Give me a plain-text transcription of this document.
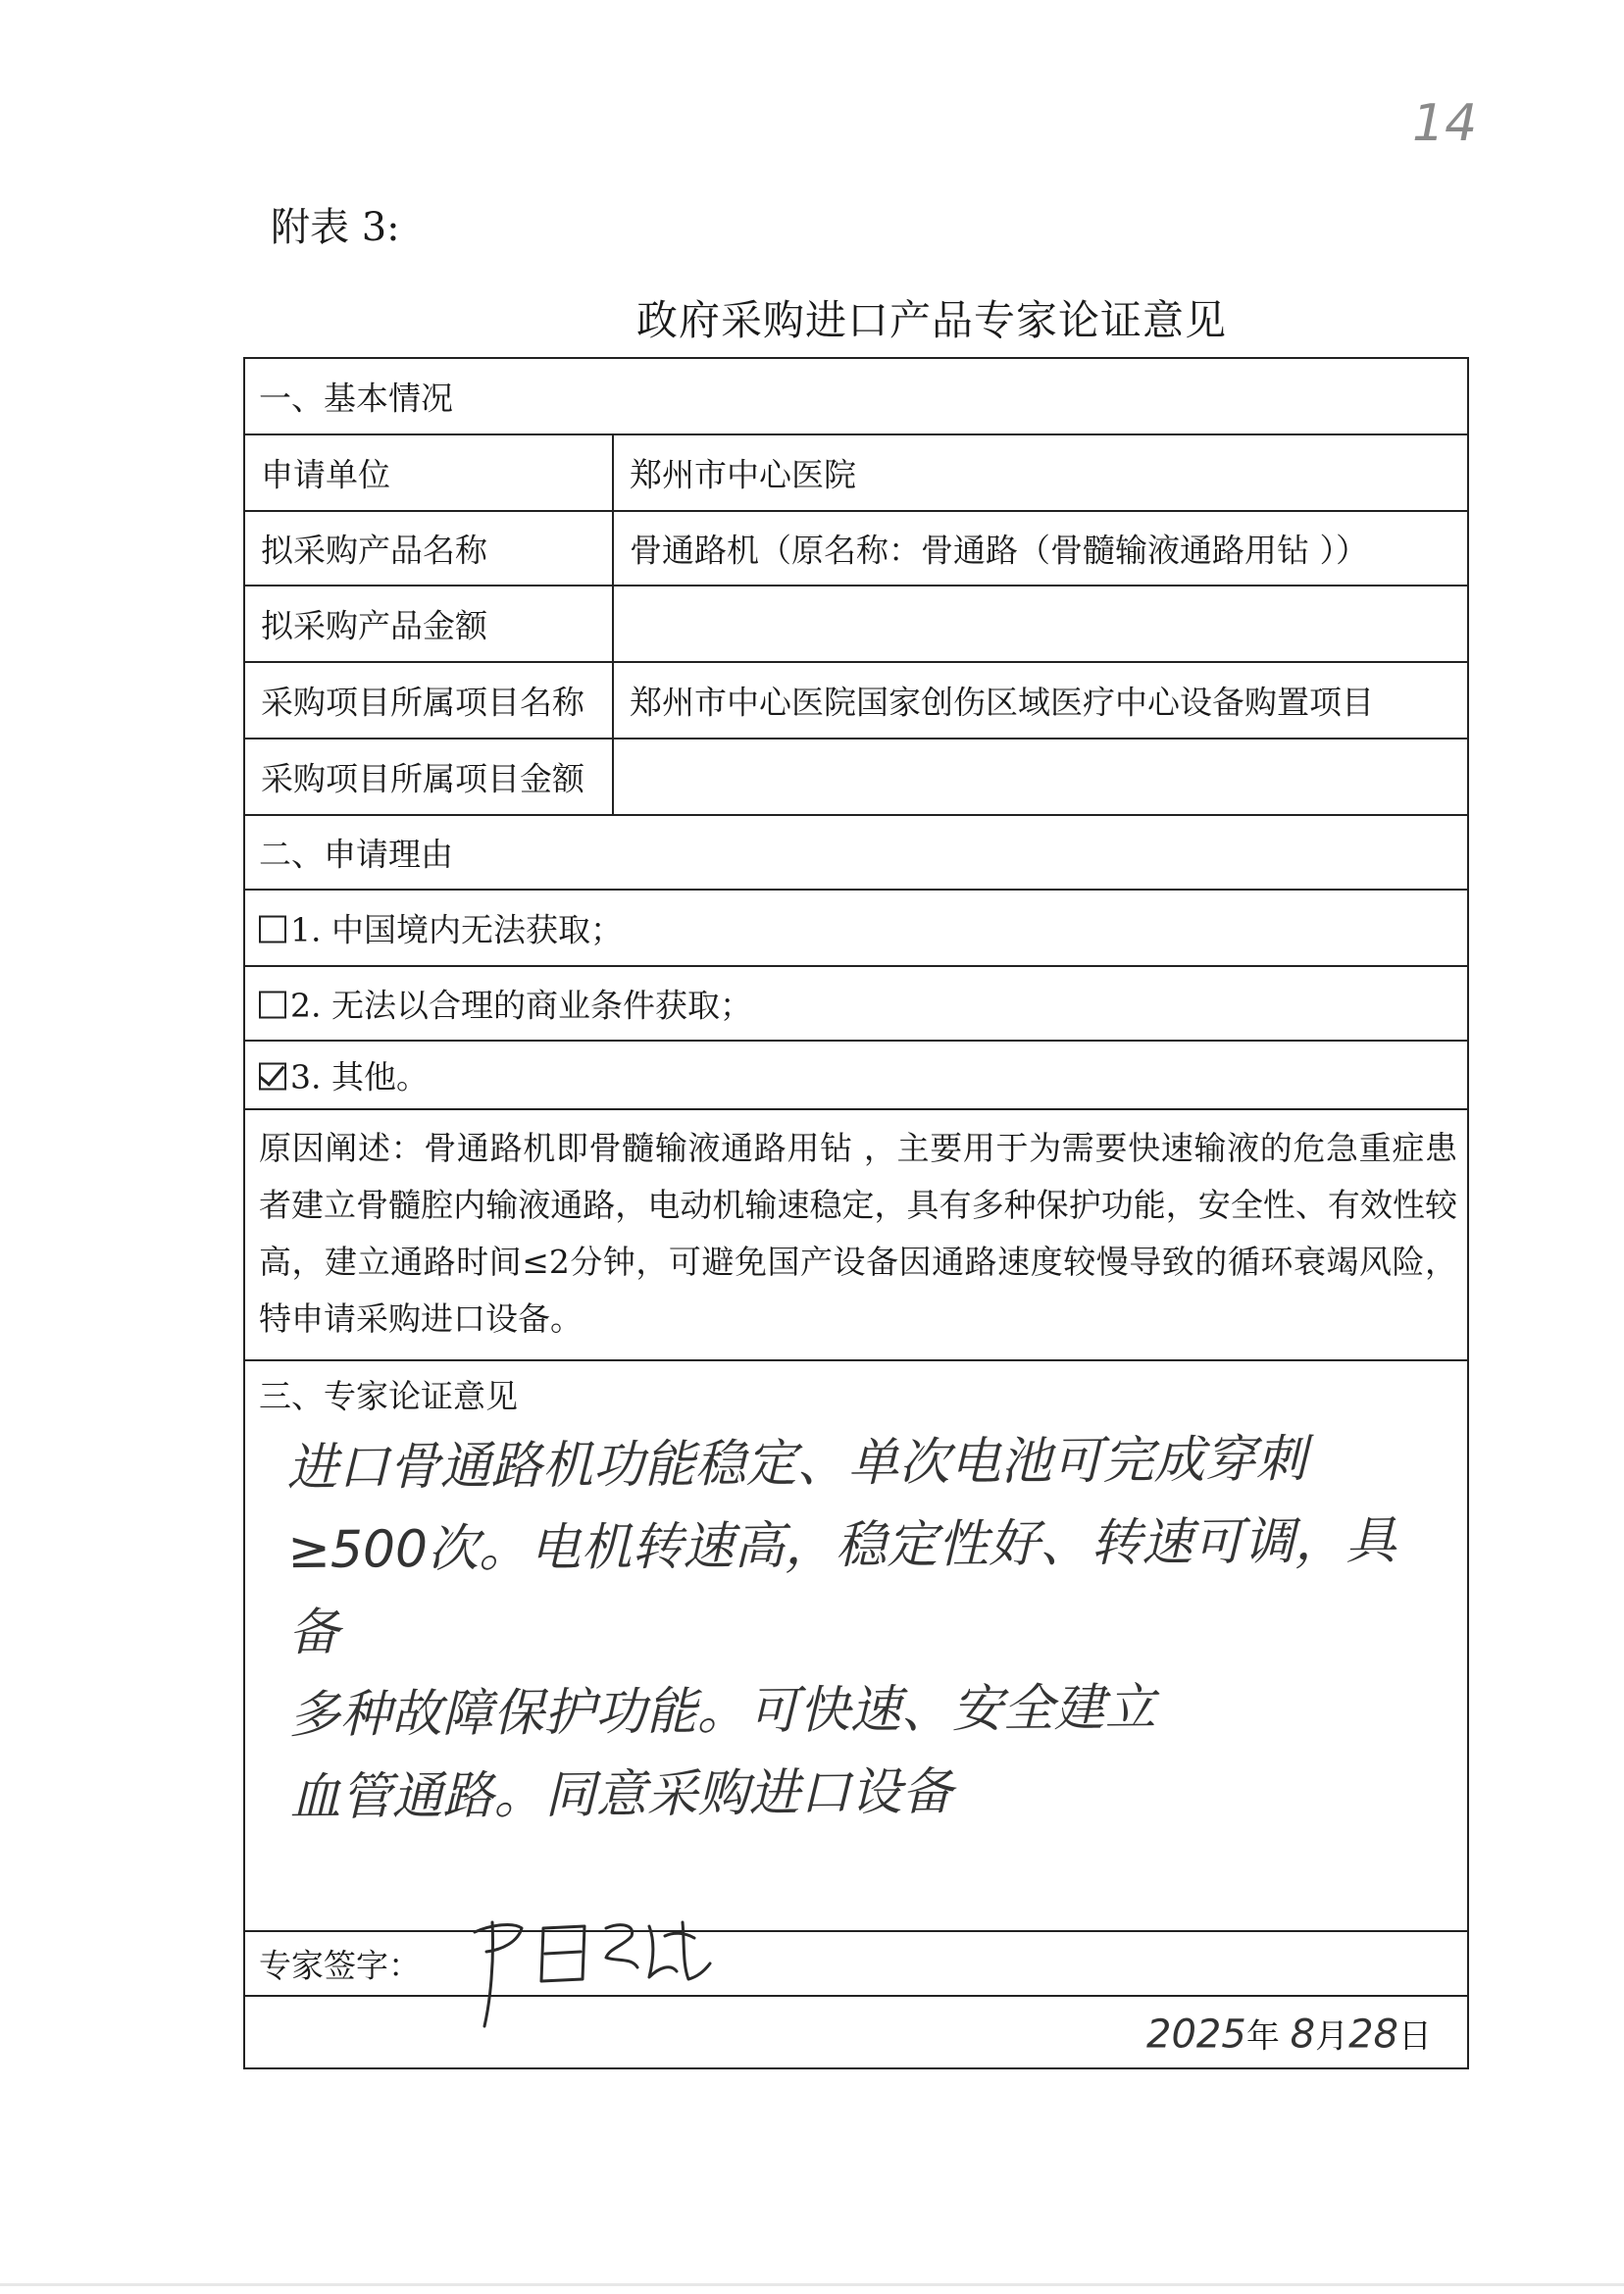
14
附表 3:
政府采购进口产品专家论证意见
一、基本情况
申请单位	郑州市中心医院
拟采购产品名称	骨通路机（原名称：骨通路（骨髓输液通路用钻 ））
拟采购产品金额
采购项目所属项目名称 郑州市中心医院国家创伤区域医疗中心设备购置项目
采购项目所属项目金额
二、申请理由
1. 中国境内无法获取；
2. 无法以合理的商业条件获取；
3. 其他。
原因阐述：骨通路机即骨髓输液通路用钻 ，主要用于为需要快速输液的危急重症患者建立骨髓腔内输液通路，电动机输速稳定，具有多种保护功能，安全性、有效性较高，建立通路时间≤2分钟，可避免国产设备因通路速度较慢导致的循环衰竭风险，特申请采购进口设备。
三、专家论证意见
进口骨通路机功能稳定、单次电池可完成穿刺
≥500次。电机转速高，稳定性好、转速可调，具备
多种故障保护功能。可快速、安全建立
血管通路。同意采购进口设备
专家签字：
2025年 8月28日
